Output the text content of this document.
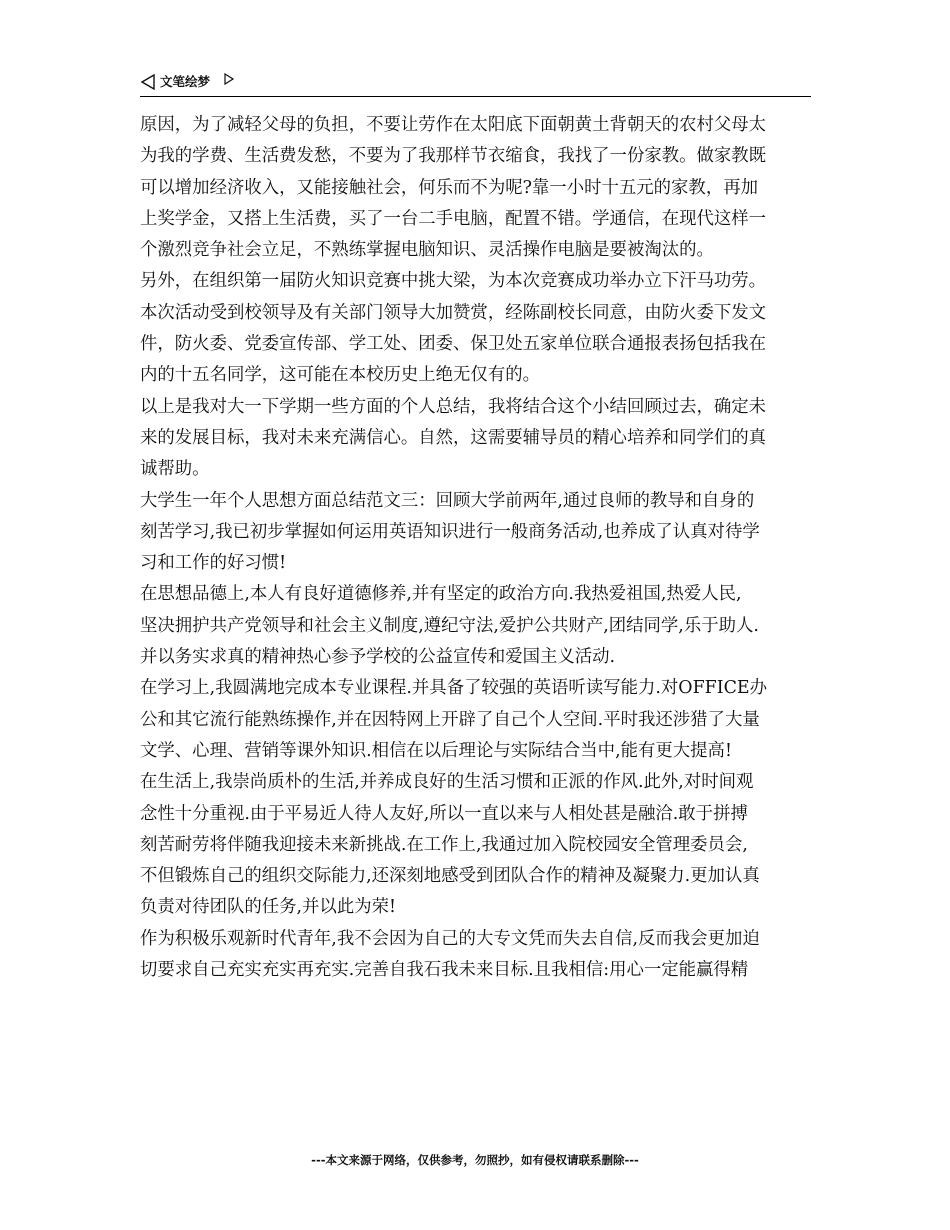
文笔绘梦

原因，为了减轻父母的负担，不要让劳作在太阳底下面朝黄土背朝天的农村父母太
为我的学费、生活费发愁，不要为了我那样节衣缩食，我找了一份家教。做家教既
可以增加经济收入，又能接触社会，何乐而不为呢?靠一小时十五元的家教，再加
上奖学金，又搭上生活费，买了一台二手电脑，配置不错。学通信，在现代这样一
个激烈竞争社会立足，不熟练掌握电脑知识、灵活操作电脑是要被淘汰的。

另外，在组织第一届防火知识竞赛中挑大梁，为本次竞赛成功举办立下汗马功劳。
本次活动受到校领导及有关部门领导大加赞赏，经陈副校长同意，由防火委下发文
件，防火委、党委宣传部、学工处、团委、保卫处五家单位联合通报表扬包括我在
内的十五名同学，这可能在本校历史上绝无仅有的。

以上是我对大一下学期一些方面的个人总结，我将结合这个小结回顾过去，确定未
来的发展目标，我对未来充满信心。自然，这需要辅导员的精心培养和同学们的真
诚帮助。

大学生一年个人思想方面总结范文三：回顾大学前两年,通过良师的教导和自身的
刻苦学习,我已初步掌握如何运用英语知识进行一般商务活动,也养成了认真对待学
习和工作的好习惯!

在思想品德上,本人有良好道德修养,并有坚定的政治方向.我热爱祖国,热爱人民,
坚决拥护共产党领导和社会主义制度,遵纪守法,爱护公共财产,团结同学,乐于助人.
并以务实求真的精神热心参予学校的公益宣传和爱国主义活动.

在学习上,我圆满地完成本专业课程.并具备了较强的英语听读写能力.对OFFICE办
公和其它流行能熟练操作,并在因特网上开辟了自己个人空间.平时我还涉猎了大量
文学、心理、营销等课外知识.相信在以后理论与实际结合当中,能有更大提高!

在生活上,我崇尚质朴的生活,并养成良好的生活习惯和正派的作风.此外,对时间观
念性十分重视.由于平易近人待人友好,所以一直以来与人相处甚是融洽.敢于拼搏
刻苦耐劳将伴随我迎接未来新挑战.在工作上,我通过加入院校园安全管理委员会,
不但锻炼自己的组织交际能力,还深刻地感受到团队合作的精神及凝聚力.更加认真
负责对待团队的任务,并以此为荣!

作为积极乐观新时代青年,我不会因为自己的大专文凭而失去自信,反而我会更加迫
切要求自己充实充实再充实.完善自我石我未来目标.且我相信:用心一定能赢得精

---本文来源于网络，仅供参考，勿照抄，如有侵权请联系删除---
